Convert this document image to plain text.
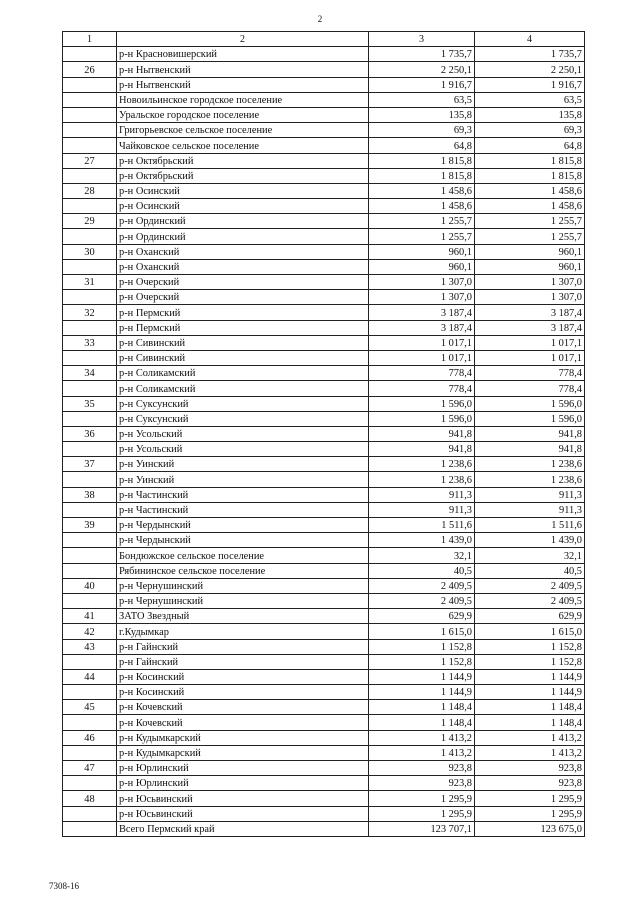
2
1	2	3	4
	р-н Красновишерский	1 735,7	1 735,7
26	р-н Нытвенский	2 250,1	2 250,1
	р-н Нытвенский	1 916,7	1 916,7
	Новоильинское городское поселение	63,5	63,5
	Уральское городское поселение	135,8	135,8
	Григорьевское сельское поселение	69,3	69,3
	Чайковское сельское поселение	64,8	64,8
27	р-н Октябрьский	1 815,8	1 815,8
	р-н Октябрьский	1 815,8	1 815,8
28	р-н Осинский	1 458,6	1 458,6
	р-н Осинский	1 458,6	1 458,6
29	р-н Ординский	1 255,7	1 255,7
	р-н Ординский	1 255,7	1 255,7
30	р-н Оханский	960,1	960,1
	р-н Оханский	960,1	960,1
31	р-н Очерский	1 307,0	1 307,0
	р-н Очерский	1 307,0	1 307,0
32	р-н Пермский	3 187,4	3 187,4
	р-н Пермский	3 187,4	3 187,4
33	р-н Сивинский	1 017,1	1 017,1
	р-н Сивинский	1 017,1	1 017,1
34	р-н Соликамский	778,4	778,4
	р-н Соликамский	778,4	778,4
35	р-н Суксунский	1 596,0	1 596,0
	р-н Суксунский	1 596,0	1 596,0
36	р-н Усольский	941,8	941,8
	р-н Усольский	941,8	941,8
37	р-н Уинский	1 238,6	1 238,6
	р-н Уинский	1 238,6	1 238,6
38	р-н Частинский	911,3	911,3
	р-н Частинский	911,3	911,3
39	р-н Чердынский	1 511,6	1 511,6
	р-н Чердынский	1 439,0	1 439,0
	Бондюжское сельское поселение	32,1	32,1
	Рябининское сельское поселение	40,5	40,5
40	р-н Чернушинский	2 409,5	2 409,5
	р-н Чернушинский	2 409,5	2 409,5
41	ЗАТО Звездный	629,9	629,9
42	г.Кудымкар	1 615,0	1 615,0
43	р-н Гайнский	1 152,8	1 152,8
	р-н Гайнский	1 152,8	1 152,8
44	р-н Косинский	1 144,9	1 144,9
	р-н Косинский	1 144,9	1 144,9
45	р-н Кочевский	1 148,4	1 148,4
	р-н Кочевский	1 148,4	1 148,4
46	р-н Кудымкарский	1 413,2	1 413,2
	р-н Кудымкарский	1 413,2	1 413,2
47	р-н Юрлинский	923,8	923,8
	р-н Юрлинский	923,8	923,8
48	р-н Юсьвинский	1 295,9	1 295,9
	р-н Юсьвинский	1 295,9	1 295,9
	Всего Пермский край	123 707,1	123 675,0
7308-16
